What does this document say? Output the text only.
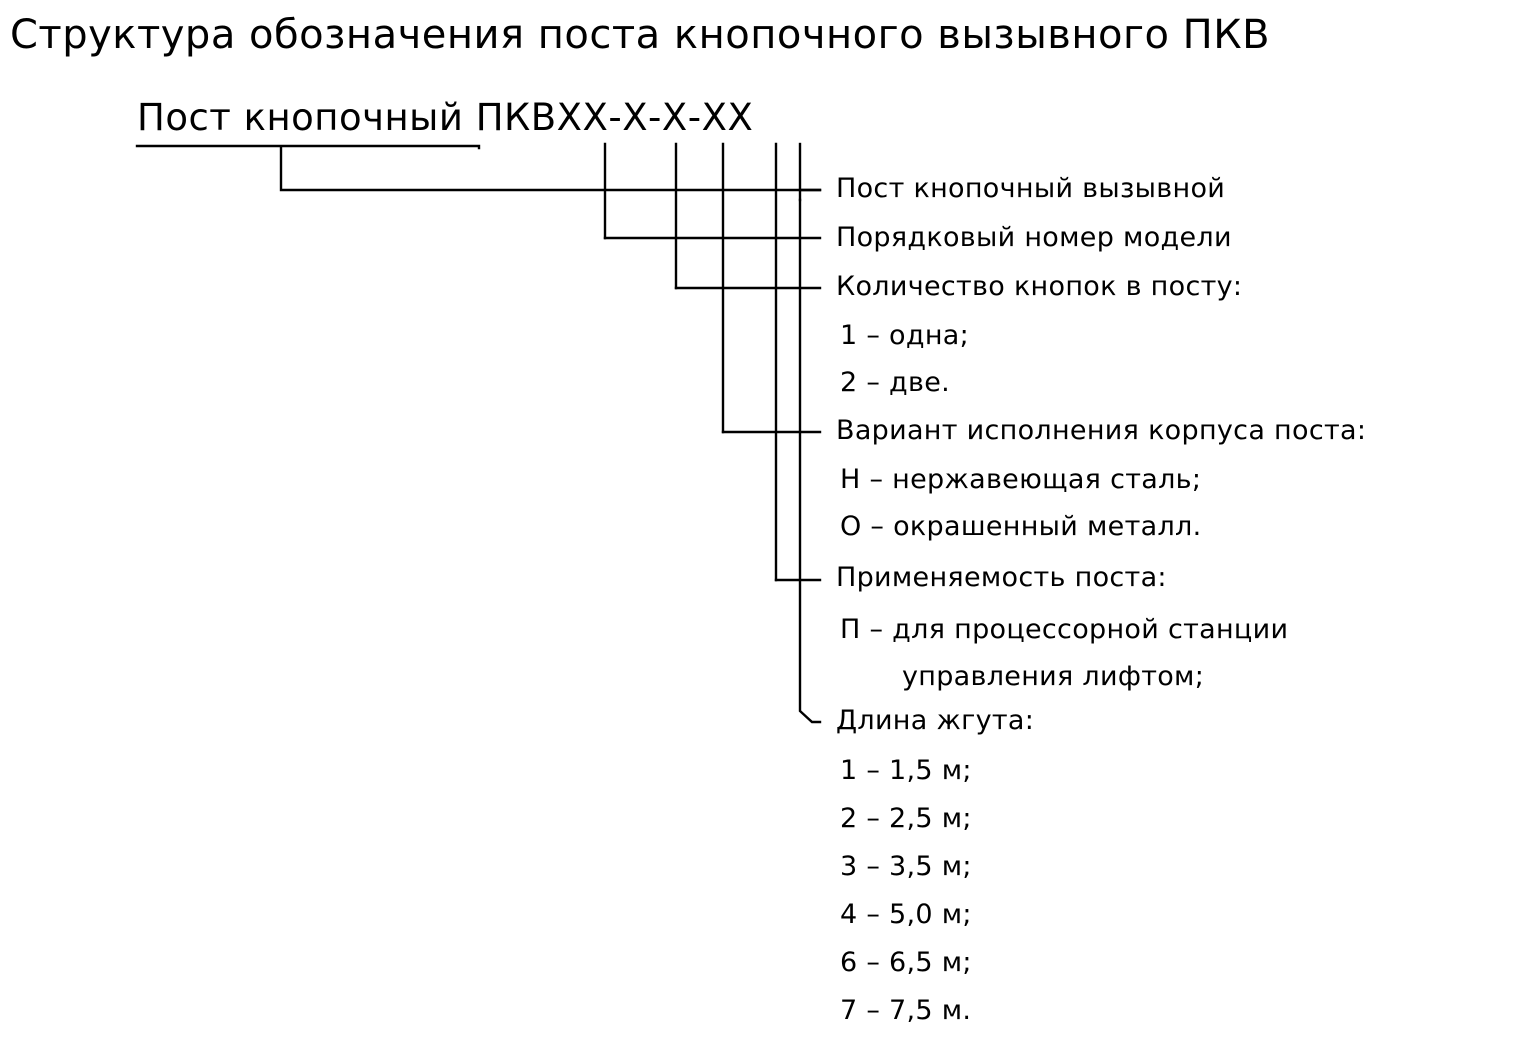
Структура обозначения поста кнопочного вызывного ПКВ
Пост кнопочный ПКВХХ-Х-Х-ХХ
Пост кнопочный вызывной
Порядковый номер модели
Количество кнопок в посту:
1 – одна;
2 – две.
Вариант исполнения корпуса поста:
Н – нержавеющая сталь;
О – окрашенный металл.
Применяемость поста:
П – для процессорной станции
управления лифтом;
Длина жгута:
1 – 1,5 м;
2 – 2,5 м;
3 – 3,5 м;
4 – 5,0 м;
6 – 6,5 м;
7 – 7,5 м.
